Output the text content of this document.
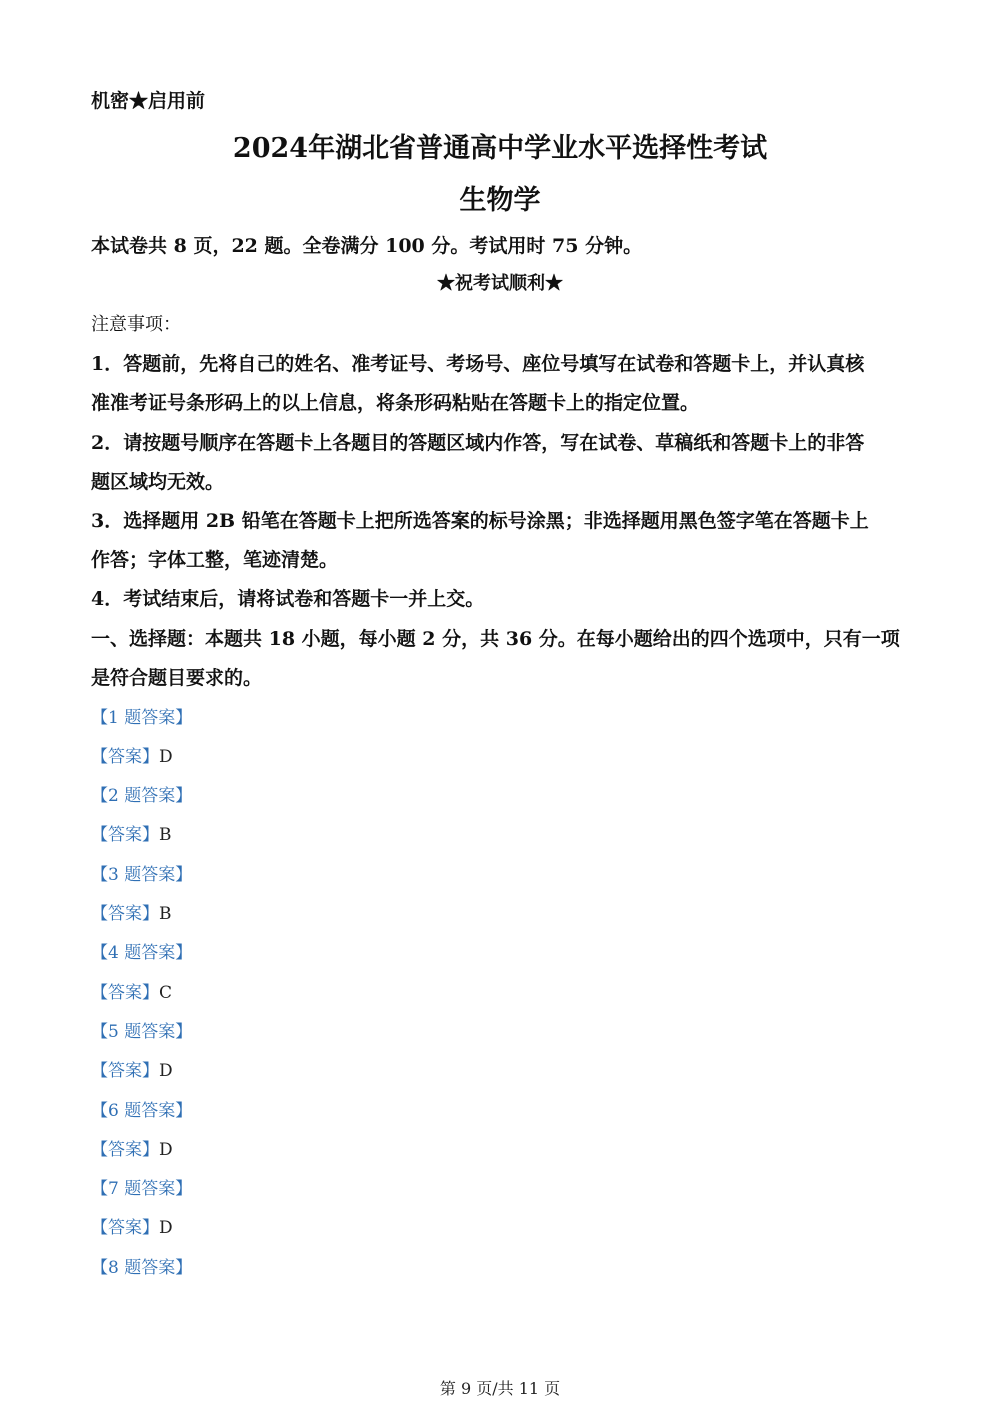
机密★启用前
2024年湖北省普通高中学业水平选择性考试
生物学
本试卷共 8 页，22 题。全卷满分 100 分。考试用时 75 分钟。
★祝考试顺利★
注意事项：
1．答题前，先将自己的姓名、准考证号、考场号、座位号填写在试卷和答题卡上，并认真核
准准考证号条形码上的以上信息，将条形码粘贴在答题卡上的指定位置。
2．请按题号顺序在答题卡上各题目的答题区域内作答，写在试卷、草稿纸和答题卡上的非答
题区域均无效。
3．选择题用 2B 铅笔在答题卡上把所选答案的标号涂黑；非选择题用黑色签字笔在答题卡上
作答；字体工整，笔迹清楚。
4．考试结束后，请将试卷和答题卡一并上交。
一、选择题：本题共 18 小题，每小题 2 分，共 36 分。在每小题给出的四个选项中，只有一项
是符合题目要求的。
【1 题答案】
【答案】D
【2 题答案】
【答案】B
【3 题答案】
【答案】B
【4 题答案】
【答案】C
【5 题答案】
【答案】D
【6 题答案】
【答案】D
【7 题答案】
【答案】D
【8 题答案】
第 9 页/共 11 页
